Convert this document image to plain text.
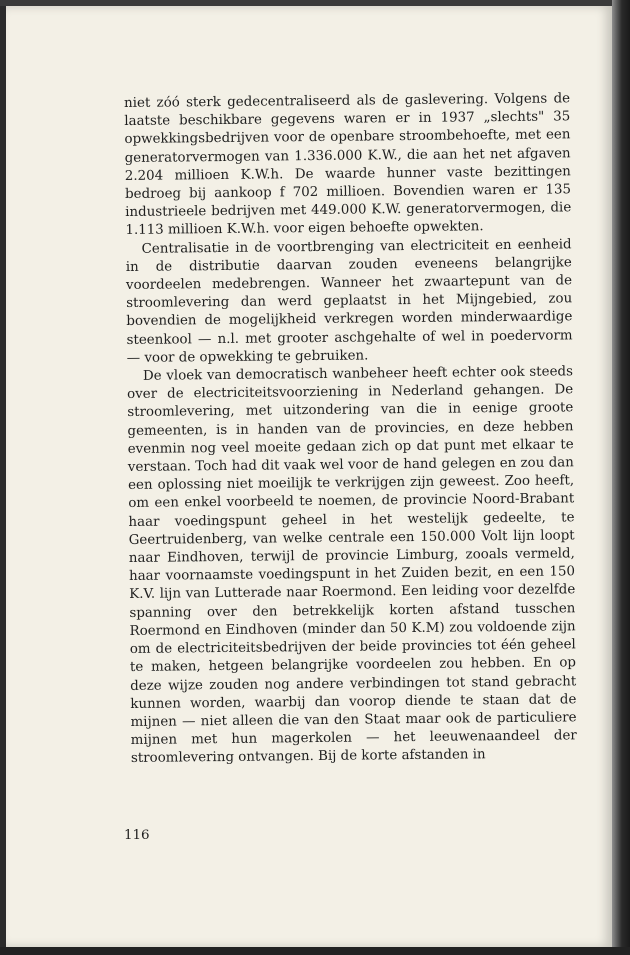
niet zóó sterk gedecentraliseerd als de gaslevering. Volgens de laatste beschikbare gegevens waren er in 1937 „slechts" 35 opwekkingsbedrijven voor de openbare stroombehoefte, met een generatorvermogen van 1.336.000 K.W., die aan het net afgaven 2.204 millioen K.W.h. De waarde hunner vaste bezittingen bedroeg bij aankoop f 702 millioen. Bovendien waren er 135 industrieele bedrijven met 449.000 K.W. generatorvermogen, die 1.113 millioen K.W.h. voor eigen behoefte opwekten.

Centralisatie in de voortbrenging van electriciteit en eenheid in de distributie daarvan zouden eveneens belangrijke voordeelen medebrengen. Wanneer het zwaartepunt van de stroomlevering dan werd geplaatst in het Mijngebied, zou bovendien de mogelijkheid verkregen worden minderwaardige steenkool — n.l. met grooter aschgehalte of wel in poedervorm — voor de opwekking te gebruiken.

De vloek van democratisch wanbeheer heeft echter ook steeds over de electriciteitsvoorziening in Nederland gehangen. De stroomlevering, met uitzondering van die in eenige groote gemeenten, is in handen van de provincies, en deze hebben evenmin nog veel moeite gedaan zich op dat punt met elkaar te verstaan. Toch had dit vaak wel voor de hand gelegen en zou dan een oplossing niet moeilijk te verkrijgen zijn geweest. Zoo heeft, om een enkel voorbeeld te noemen, de provincie Noord-Brabant haar voedingspunt geheel in het westelijk gedeelte, te Geertruidenberg, van welke centrale een 150.000 Volt lijn loopt naar Eindhoven, terwijl de provincie Limburg, zooals vermeld, haar voornaamste voedingspunt in het Zuiden bezit, en een 150 K.V. lijn van Lutterade naar Roermond. Een leiding voor dezelfde spanning over den betrekkelijk korten afstand tusschen Roermond en Eindhoven (minder dan 50 K.M) zou voldoende zijn om de electriciteitsbedrijven der beide provincies tot één geheel te maken, hetgeen belangrijke voordeelen zou hebben. En op deze wijze zouden nog andere verbindingen tot stand gebracht kunnen worden, waarbij dan voorop diende te staan dat de mijnen — niet alleen die van den Staat maar ook de particuliere mijnen met hun magerkolen — het leeuwenaandeel der stroomlevering ontvangen. Bij de korte afstanden in

116
